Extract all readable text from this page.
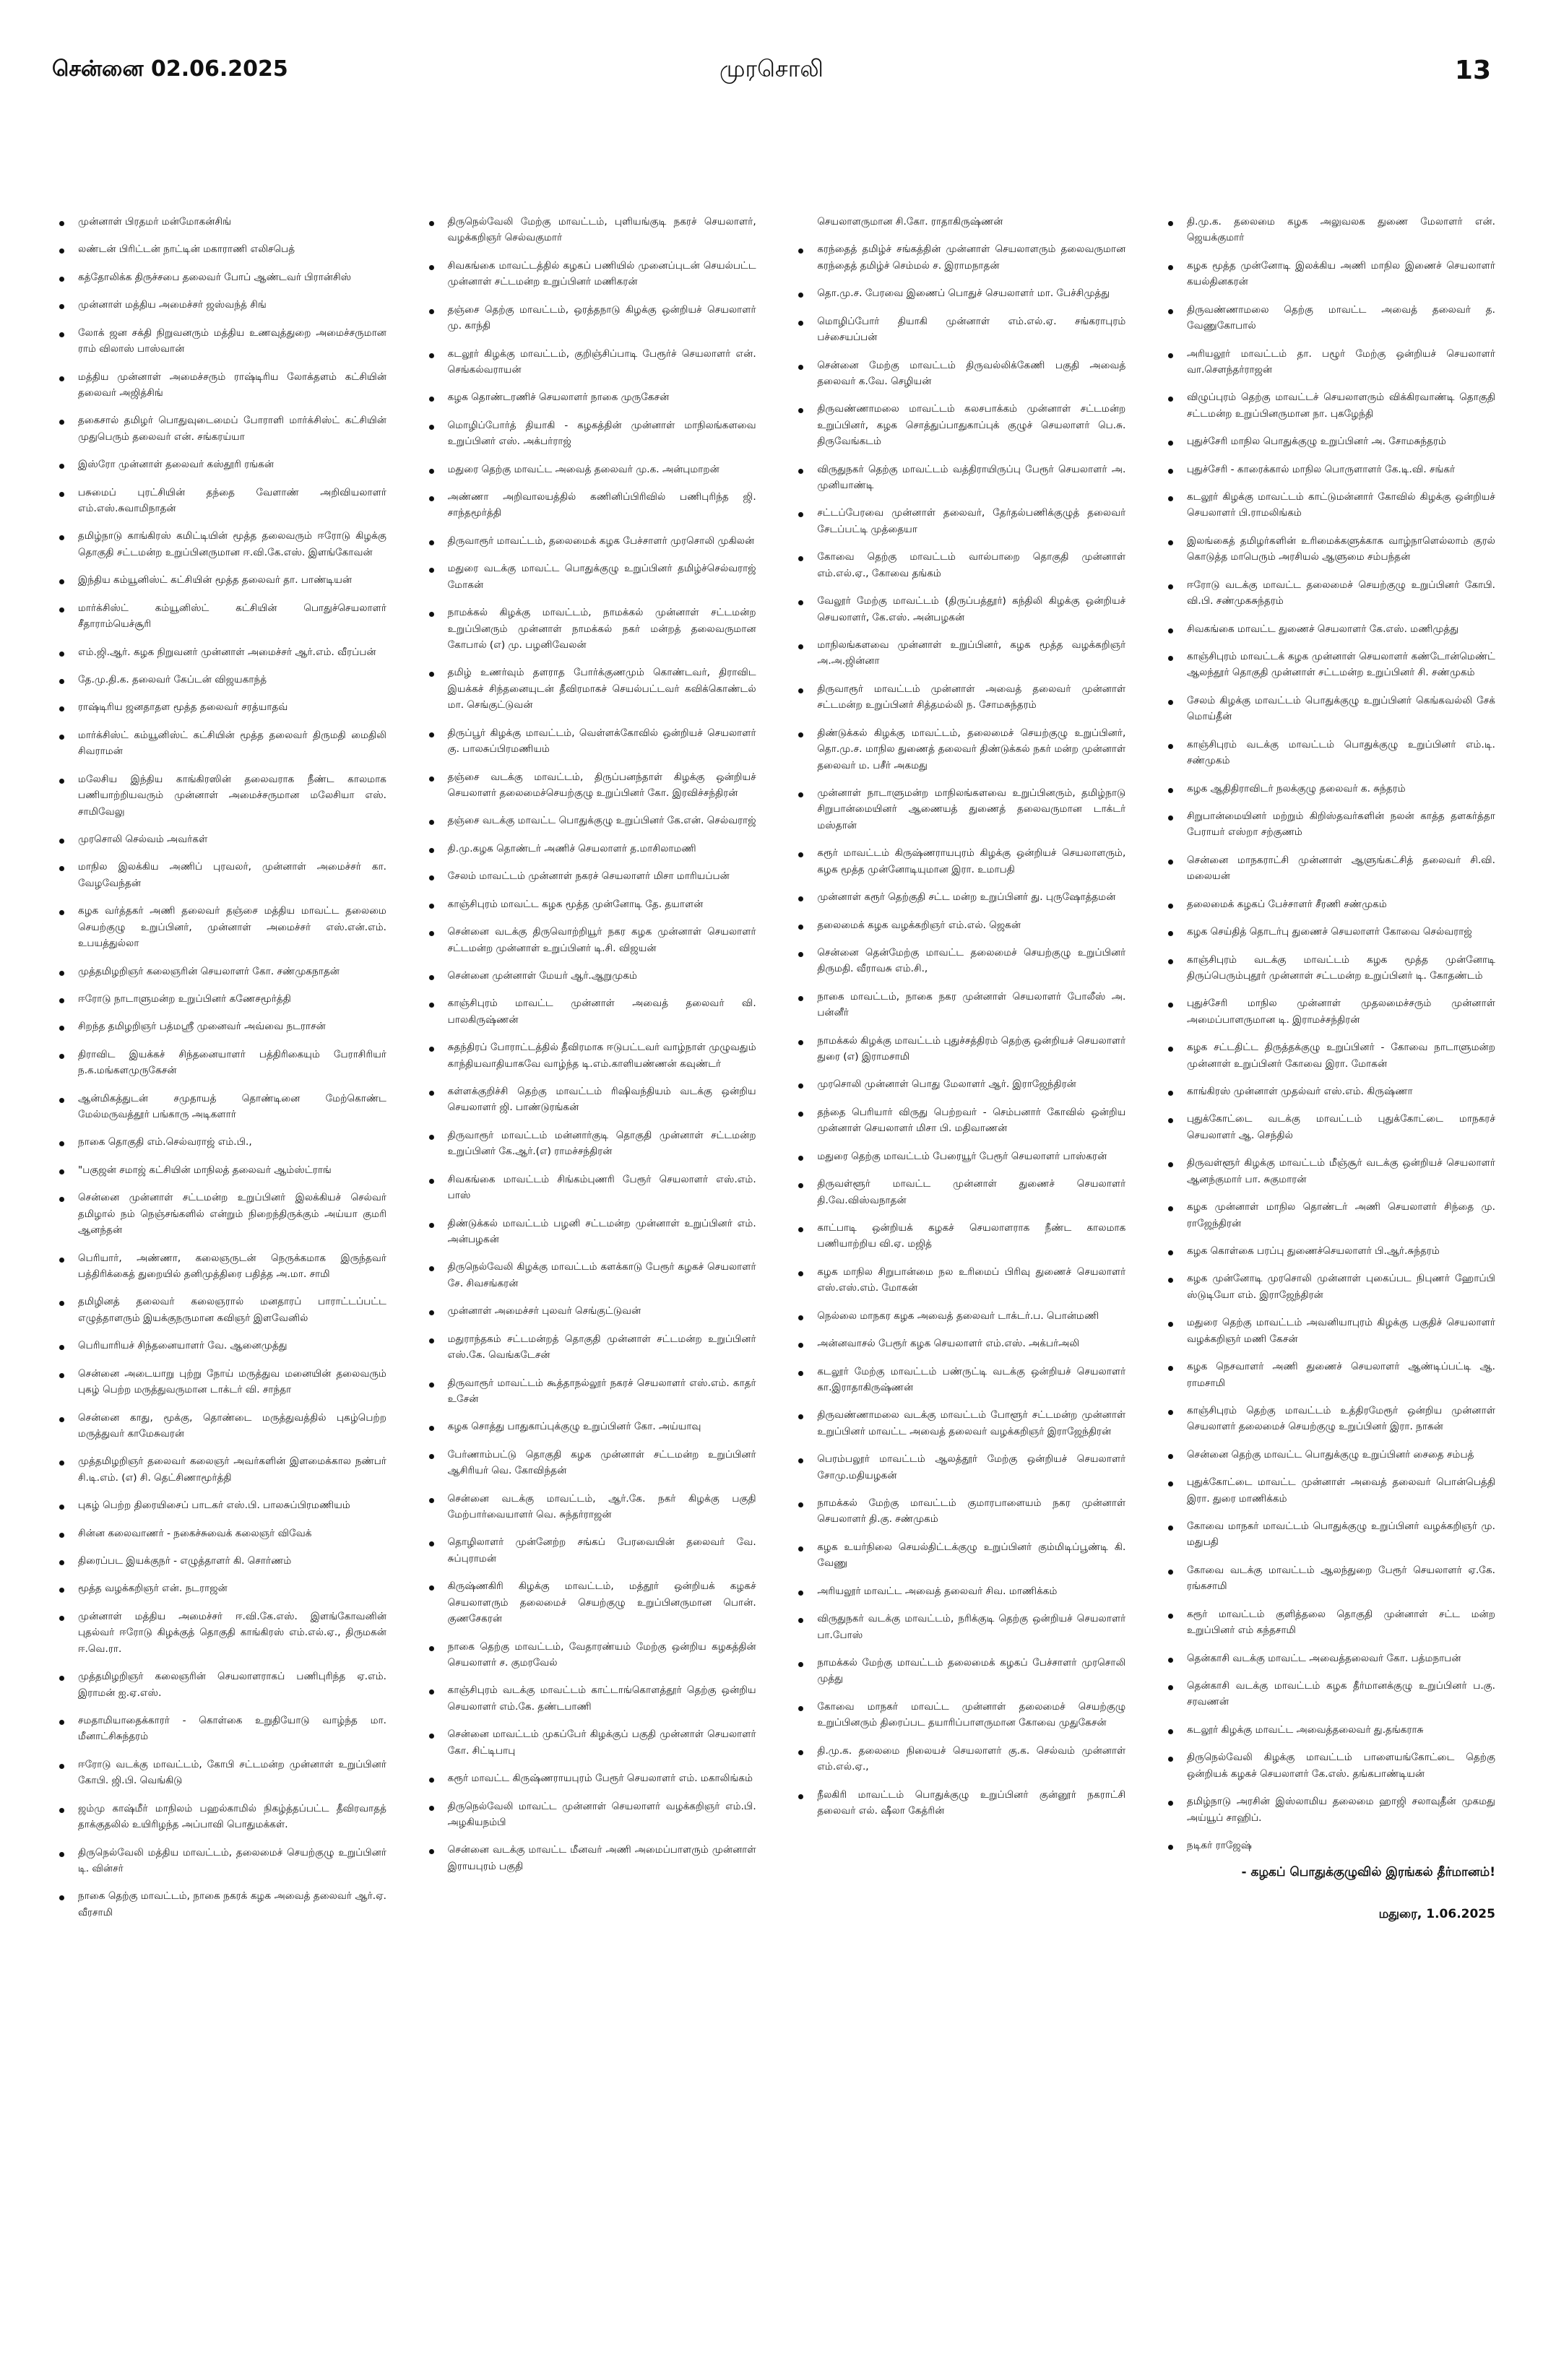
சென்னை 02.06.2025	முரசொலி	13
முன்னாள் பிரதமர் மன்மோகன்சிங்
லண்டன் பிரிட்டன் நாட்டின் மகாராணி எலிசபெத்
கத்தோலிக்க திருச்சபை தலைவர் போப் ஆண்டவர் பிரான்சிஸ்
முன்னாள் மத்திய அமைச்சர் ஜஸ்வந்த் சிங்
லோக் ஜன சக்தி நிறுவனரும் மத்திய உணவுத்துறை அமைச்சருமான ராம் விலாஸ் பாஸ்வான்
மத்திய முன்னாள் அமைச்சரும் ராஷ்டிரிய லோக்தளம் கட்சியின் தலைவர் அஜித்சிங்
தகைசால் தமிழர் பொதுவுடைமைப் போராளி மார்க்சிஸ்ட் கட்சியின் முதுபெரும் தலைவர் என். சங்கரய்யா
இஸ்ரோ முன்னாள் தலைவர் கஸ்தூரி ரங்கன்
பசுமைப் புரட்சியின் தந்தை வேளாண் அறிவியலாளர் எம்.எஸ்.சுவாமிநாதன்
தமிழ்நாடு காங்கிரஸ் கமிட்டியின் மூத்த தலைவரும் ஈரோடு கிழக்கு தொகுதி சட்டமன்ற உறுப்பினருமான ஈ.வி.கே.எஸ். இளங்கோவன்
இந்திய கம்யூனிஸ்ட் கட்சியின் மூத்த தலைவர் தா. பாண்டியன்
மார்க்சிஸ்ட் கம்யூனிஸ்ட் கட்சியின் பொதுச்செயலாளர் சீதாராம்யெச்சூரி
எம்.ஜி.ஆர். கழக நிறுவனர் முன்னாள் அமைச்சர் ஆர்.எம். வீரப்பன்
தே.மு.தி.க. தலைவர் கேப்டன் விஜயகாந்த்
ராஷ்டிரிய ஜனதாதள மூத்த தலைவர் சரத்யாதவ்
மார்க்சிஸ்ட் கம்யூனிஸ்ட் கட்சியின் மூத்த தலைவர் திருமதி மைதிலி சிவராமன்
மலேசிய இந்திய காங்கிரஸின் தலைவராக நீண்ட காலமாக பணியாற்றியவரும் முன்னாள் அமைச்சருமான மலேசியா எஸ். சாமிவேலு
முரசொலி செல்வம் அவர்கள்
மாநில இலக்கிய அணிப் புரவலர், முன்னாள் அமைச்சர் கா. வேழவேந்தன்
கழக வர்த்தகர் அணி தலைவர் தஞ்சை மத்திய மாவட்ட தலைமை செயற்குழு உறுப்பினர், முன்னாள் அமைச்சர் எஸ்.என்.எம். உபயத்துல்லா
முத்தமிழறிஞர் கலைஞரின் செயலாளர் கோ. சண்முகநாதன்
ஈரோடு நாடாளுமன்ற உறுப்பினர் கணேசமூர்த்தி
சிறந்த தமிழறிஞர் பத்மஸ்ரீ முனைவர் அவ்வை நடராசன்
திராவிட இயக்கச் சிந்தனையாளர் பத்திரிகையும் பேராசிரியர் ந.க.மங்களமுருகேசன்
ஆன்மிகத்துடன் சமுதாயத் தொண்டினை மேற்கொண்ட மேல்மருவத்தூர் பங்காரு அடிகளார்
நாகை தொகுதி எம்.செல்வராஜ் எம்.பி.,
"பகுஜன் சமாஜ் கட்சியின் மாநிலத் தலைவர் ஆம்ஸ்ட்ராங்
சென்னை முன்னாள் சட்டமன்ற உறுப்பினர் இலக்கியச் செல்வர் தமிழால் நம் நெஞ்சங்களில் என்றும் நிறைந்திருக்கும் அய்யா குமரி ஆனந்தன்
பெரியார், அண்ணா, கலைஞருடன் நெருக்கமாக இருந்தவர் பத்திரிக்கைத் துறையில் தனிமுத்திரை பதித்த அ.மா. சாமி
தமிழினத் தலைவர் கலைஞரால் மனதாரப் பாராட்டப்பட்ட எழுத்தாளரும் இயக்குநருமான கவிஞர் இளவேனில்
பெரியாரியச் சிந்தனையாளர் வே. ஆனைமுத்து
சென்னை அடையாறு புற்று நோய் மருத்துவ மனையின் தலைவரும் புகழ் பெற்ற மருத்துவருமான டாக்டர் வி. சாந்தா
சென்னை காது, மூக்கு, தொண்டை மருத்துவத்தில் புகழ்பெற்ற மருத்துவர் காமேசுவரன்
முத்தமிழறிஞர் தலைவர் கலைஞர் அவர்களின் இளமைக்கால நண்பர் சி.டி.எம். (எ) சி. தெட்சிணாமூர்த்தி
புகழ் பெற்ற திரையிசைப் பாடகர் எஸ்.பி. பாலசுப்பிரமணியம்
சின்ன கலைவாணர் - நகைச்சுவைக் கலைஞர் விவேக்
திரைப்பட இயக்குநர் - எழுத்தாளர் கி. சொர்ணம்
மூத்த வழக்கறிஞர் என். நடராஜன்
முன்னாள் மத்திய அமைச்சர் ஈ.வி.கே.எஸ். இளங்கோவனின் புதல்வர் ஈரோடு கிழக்குத் தொகுதி காங்கிரஸ் எம்.எல்.ஏ., திருமகன் ஈ.வெ.ரா.
முத்தமிழறிஞர் கலைஞரின் செயலாளராகப் பணிபுரிந்த ஏ.எம். இராமன் ஐ.ஏ.எஸ்.
சமதாமியாதைக்காரர் - கொள்கை உறுதியோடு வாழ்ந்த மா. மீனாட்சிசுந்தரம்
ஈரோடு வடக்கு மாவட்டம், கோபி சட்டமன்ற முன்னாள் உறுப்பினர் கோபி. ஜி.பி. வெங்கிடு
ஜம்மு காஷ்மீர் மாநிலம் பஹல்காமில் நிகழ்த்தப்பட்ட தீவிரவாதத் தாக்குதலில் உயிரிழந்த அப்பாவி பொதுமக்கள்.
திருநெல்வேலி மத்திய மாவட்டம், தலைமைச் செயற்குழு உறுப்பினர் டி. வின்சர்
நாகை தெற்கு மாவட்டம், நாகை நகரக் கழக அவைத் தலைவர் ஆர்.ஏ. வீரசாமி
திருநெல்வேலி மேற்கு மாவட்டம், புளியங்குடி நகரச் செயலாளர், வழக்கறிஞர் செல்வகுமார்
சிவகங்கை மாவட்டத்தில் கழகப் பணியில் முனைப்புடன் செயல்பட்ட முன்னாள் சட்டமன்ற உறுப்பினர் மணிகரன்
தஞ்சை தெற்கு மாவட்டம், ஒரத்தநாடு கிழக்கு ஒன்றியச் செயலாளர் மு. காந்தி
கடலூர் கிழக்கு மாவட்டம், குறிஞ்சிப்பாடி பேரூர்ச் செயலாளர் என். செங்கல்வராயன்
கழக தொண்டரணிச் செயலாளர் நாகை முருகேசன்
மொழிப்போர்த் தியாகி - கழகத்தின் முன்னாள் மாநிலங்களவை உறுப்பினர் எஸ். அக்பர்ராஜ்
மதுரை தெற்கு மாவட்ட அவைத் தலைவர் மு.க. அன்புமாறன்
அண்ணா அறிவாலயத்தில் கணினிப்பிரிவில் பணிபுரிந்த ஜி. சாந்தமூர்த்தி
திருவாரூர் மாவட்டம், தலைமைக் கழக பேச்சாளர் முரசொலி முகிலன்
மதுரை வடக்கு மாவட்ட பொதுக்குழு உறுப்பினர் தமிழ்ச்செல்வராஜ் மோகன்
நாமக்கல் கிழக்கு மாவட்டம், நாமக்கல் முன்னாள் சட்டமன்ற உறுப்பினரும் முன்னாள் நாமக்கல் நகர் மன்றத் தலைவருமான கோபால் (எ) மு. பழனிவேலன்
தமிழ் உணர்வும் தளராத போர்க்குணமும் கொண்டவர், திராவிட இயக்கச் சிந்தனையுடன் தீவிரமாகச் செயல்பட்டவர் கவிக்கொண்டல் மா. செங்குட்டுவன்
திருப்பூர் கிழக்கு மாவட்டம், வெள்ளக்கோவில் ஒன்றியச் செயலாளர் கு. பாலசுப்பிரமணியம்
தஞ்சை வடக்கு மாவட்டம், திருப்பனந்தாள் கிழக்கு ஒன்றியச் செயலாளர் தலைமைச்செயற்குழு உறுப்பினர் கோ. இரவிச்சந்திரன்
தஞ்சை வடக்கு மாவட்ட பொதுக்குழு உறுப்பினர் கே.என். செல்வராஜ்
தி.மு.கழக தொண்டர் அணிச் செயலாளர் த.மாசிலாமணி
சேலம் மாவட்டம் முன்னாள் நகரச் செயலாளர் மிசா மாரியப்பன்
காஞ்சிபுரம் மாவட்ட கழக மூத்த முன்னோடி தே. தயாளன்
சென்னை வடக்கு திருவொற்றியூர் நகர கழக முன்னாள் செயலாளர் சட்டமன்ற முன்னாள் உறுப்பினர் டி.சி. விஜயன்
சென்னை முன்னாள் மேயர் ஆர்.ஆறுமுகம்
காஞ்சிபுரம் மாவட்ட முன்னாள் அவைத் தலைவர் வி. பாலகிருஷ்ணன்
சுதந்திரப் போராட்டத்தில் தீவிரமாக ஈடுபட்டவர் வாழ்நாள் முழுவதும் காந்தியவாதியாகவே வாழ்ந்த டி.எம்.காளியண்ணன் கவுண்டர்
கள்ளக்குறிச்சி தெற்கு மாவட்டம் ரிஷிவந்தியம் வடக்கு ஒன்றிய செயலாளர் ஜி. பாண்டுரங்கன்
திருவாரூர் மாவட்டம் மன்னார்குடி தொகுதி முன்னாள் சட்டமன்ற உறுப்பினர் கே.ஆர்.(எ) ராமச்சந்திரன்
சிவகங்கை மாவட்டம் சிங்கம்புணரி பேரூர் செயலாளர் எஸ்.எம். பாஸ்
திண்டுக்கல் மாவட்டம் பழனி சட்டமன்ற முன்னாள் உறுப்பினர் எம். அன்பழகன்
திருநெல்வேலி கிழக்கு மாவட்டம் களக்காடு பேரூர் கழகச் செயலாளர் சே. சிவசங்கரன்
முன்னாள் அமைச்சர் புலவர் செங்குட்டுவன்
மதுராந்தகம் சட்டமன்றத் தொகுதி முன்னாள் சட்டமன்ற உறுப்பினர் எஸ்.கே. வெங்கடேசன்
திருவாரூர் மாவட்டம் கூத்தாநல்லூர் நகரச் செயலாளர் எஸ்.எம். காதர் உசேன்
கழக சொத்து பாதுகாப்புக்குழு உறுப்பினர் கோ. அய்யாவு
பேர்ணாம்பட்டு தொகுதி கழக முன்னாள் சட்டமன்ற உறுப்பினர் ஆசிரியர் வெ. கோவிந்தன்
சென்னை வடக்கு மாவட்டம், ஆர்.கே. நகர் கிழக்கு பகுதி மேற்பார்வையாளர் வெ. சுந்தர்ராஜன்
தொழிலாளர் முன்னேற்ற சங்கப் பேரவையின் தலைவர் வே. சுப்புராமன்
கிருஷ்ணகிரி கிழக்கு மாவட்டம், மத்தூர் ஒன்றியக் கழகச் செயலாளரும் தலைமைச் செயற்குழு உறுப்பினருமான பொன். குணசேகரன்
நாகை தெற்கு மாவட்டம், வேதாரண்யம் மேற்கு ஒன்றிய கழகத்தின் செயலாளர் ச. குமரவேல்
காஞ்சிபுரம் வடக்கு மாவட்டம் காட்டாங்கொளத்தூர் தெற்கு ஒன்றிய செயலாளர் எம்.கே. தண்டபாணி
சென்னை மாவட்டம் முகப்பேர் கிழக்குப் பகுதி முன்னாள் செயலாளர் கோ. சிட்டிபாபு
கரூர் மாவட்ட கிருஷ்ணராயபுரம் பேரூர் செயலாளர் எம். மகாலிங்கம்
திருநெல்வேலி மாவட்ட முன்னாள் செயலாளர் வழக்கறிஞர் எம்.பி. அழகியநம்பி
சென்னை வடக்கு மாவட்ட மீனவர் அணி அமைப்பாளரும் முன்னாள் இராயபுரம் பகுதி
செயலாளருமான சி.கோ. ராதாகிருஷ்ணன்
கரந்தைத் தமிழ்ச் சங்கத்தின் முன்னாள் செயலாளரும் தலைவருமான கரந்தைத் தமிழ்ச் செம்மல் ச. இராமநாதன்
தொ.மு.ச. பேரவை இணைப் பொதுச் செயலாளர் மா. பேச்சிமுத்து
மொழிப்போர் தியாகி முன்னாள் எம்.எல்.ஏ. சங்கராபுரம் பச்சையப்பன்
சென்னை மேற்கு மாவட்டம் திருவல்லிக்கேணி பகுதி அவைத் தலைவர் க.வே. செழியன்
திருவண்ணாமலை மாவட்டம் கலசபாக்கம் முன்னாள் சட்டமன்ற உறுப்பினர், கழக சொத்துப்பாதுகாப்புக் குழுச் செயலாளர் பெ.சு. திருவேங்கடம்
விருதுநகர் தெற்கு மாவட்டம் வத்திராயிருப்பு பேரூர் செயலாளர் அ. முனியாண்டி
சட்டப்பேரவை முன்னாள் தலைவர், தேர்தல்பணிக்குழுத் தலைவர் சேடப்பட்டி முத்தையா
கோவை தெற்கு மாவட்டம் வால்பாறை தொகுதி முன்னாள் எம்.எல்.ஏ., கோவை தங்கம்
வேலூர் மேற்கு மாவட்டம் (திருப்பத்தூர்) கந்திலி கிழக்கு ஒன்றியச் செயலாளர், கே.எஸ். அன்பழகன்
மாநிலங்களவை முன்னாள் உறுப்பினர், கழக மூத்த வழக்கறிஞர் அ.அ.ஜின்னா
திருவாரூர் மாவட்டம் முன்னாள் அவைத் தலைவர் முன்னாள் சட்டமன்ற உறுப்பினர் சித்தமல்லி ந. சோமசுந்தரம்
திண்டுக்கல் கிழக்கு மாவட்டம், தலைமைச் செயற்குழு உறுப்பினர், தொ.மு.ச. மாநில துணைத் தலைவர் திண்டுக்கல் நகர் மன்ற முன்னாள் தலைவர் ம. பசீர் அகமது
முன்னாள் நாடாளுமன்ற மாநிலங்களவை உறுப்பினரும், தமிழ்நாடு சிறுபான்மையினர் ஆணையத் துணைத் தலைவருமான டாக்டர் மஸ்தான்
கரூர் மாவட்டம் கிருஷ்ணராயபுரம் கிழக்கு ஒன்றியச் செயலாளரும், கழக மூத்த முன்னோடியுமான இரா. உமாபதி
முன்னாள் கரூர் தெற்குதி சட்ட மன்ற உறுப்பினர் து. புருஷோத்தமன்
தலைமைக் கழக வழக்கறிஞர் எம்.எல். ஜெகன்
சென்னை தென்மேற்கு மாவட்ட தலைமைச் செயற்குழு உறுப்பினர் திருமதி. வீராவசு எம்.சி.,
நாகை மாவட்டம், நாகை நகர முன்னாள் செயலாளர் போலீஸ் அ. பன்னீர்
நாமக்கல் கிழக்கு மாவட்டம் புதுச்சத்திரம் தெற்கு ஒன்றியச் செயலாளர் துரை (எ) இராமசாமி
முரசொலி முன்னாள் பொது மேலாளர் ஆர். இராஜேந்திரன்
தந்தை பெரியார் விருது பெற்றவர் - செம்பனார் கோவில் ஒன்றிய முன்னாள் செயலாளர் மிசா பி. மதிவாணன்
மதுரை தெற்கு மாவட்டம் பேரையூர் பேரூர் செயலாளர் பாஸ்கரன்
திருவள்ளூர் மாவட்ட முன்னாள் துணைச் செயலாளர் தி.வே.விஸ்வநாதன்
காட்பாடி ஒன்றியக் கழகச் செயலாளராக நீண்ட காலமாக பணியாற்றிய வி.ஏ. மஜித்
கழக மாநில சிறுபான்மை நல உரிமைப் பிரிவு துணைச் செயலாளர் எஸ்.எஸ்.எம். மோகன்
நெல்லை மாநகர கழக அவைத் தலைவர் டாக்டர்.ப. பொன்மணி
அன்னவாசல் பேரூர் கழக செயலாளர் எம்.எஸ். அக்பர்அலி
கடலூர் மேற்கு மாவட்டம் பண்ருட்டி வடக்கு ஒன்றியச் செயலாளர் கா.இராதாகிருஷ்ணன்
திருவண்ணாமலை வடக்கு மாவட்டம் போளூர் சட்டமன்ற முன்னாள் உறுப்பினர் மாவட்ட அவைத் தலைவர் வழக்கறிஞர் இராஜேந்திரன்
பெரம்பலூர் மாவட்டம் ஆலத்தூர் மேற்கு ஒன்றியச் செயலாளர் சோமு.மதியழகன்
நாமக்கல் மேற்கு மாவட்டம் குமாரபாளையம் நகர முன்னாள் செயலாளர் தி.கு. சண்முகம்
கழக உயர்நிலை செயல்திட்டக்குழு உறுப்பினர் கும்மிடிப்பூண்டி கி. வேணு
அரியலூர் மாவட்ட அவைத் தலைவர் சிவ. மாணிக்கம்
விருதுநகர் வடக்கு மாவட்டம், நரிக்குடி தெற்கு ஒன்றியச் செயலாளர் பா.போஸ்
நாமக்கல் மேற்கு மாவட்டம் தலைமைக் கழகப் பேச்சாளர் முரசொலி முத்து
கோவை மாநகர் மாவட்ட முன்னாள் தலைமைச் செயற்குழு உறுப்பினரும் திரைப்பட தயாரிப்பாளருமான கோவை முதுகேசன்
தி.மு.க. தலைமை நிலையச் செயலாளர் கு.க. செல்வம் முன்னாள் எம்.எல்.ஏ.,
நீலகிரி மாவட்டம் பொதுக்குழு உறுப்பினர் குன்னூர் நகராட்சி தலைவர் எல். ஷீலா கேத்ரின்
தி.மு.க. தலைமை கழக அலுவலக துணை மேலாளர் என். ஜெயக்குமார்
கழக மூத்த முன்னோடி இலக்கிய அணி மாநில இணைச் செயலாளர் கயல்தினகரன்
திருவண்ணாமலை தெற்கு மாவட்ட அவைத் தலைவர் த. வேணுகோபால்
அரியலூர் மாவட்டம் தா. பழூர் மேற்கு ஒன்றியச் செயலாளர் வா.சௌந்தர்ராஜன்
விழுப்புரம் தெற்கு மாவட்டச் செயலாளரும் விக்கிரவாண்டி தொகுதி சட்டமன்ற உறுப்பினருமான நா. புகழேந்தி
புதுச்சேரி மாநில பொதுக்குழு உறுப்பினர் அ. சோமசுந்தரம்
புதுச்சேரி - காரைக்கால் மாநில பொருளாளர் கே.டி.வி. சங்கர்
கடலூர் கிழக்கு மாவட்டம் காட்டுமன்னார் கோவில் கிழக்கு ஒன்றியச் செயலாளர் பி.ராமலிங்கம்
இலங்கைத் தமிழர்களின் உரிமைக்களுக்காக வாழ்நாளெல்லாம் குரல் கொடுத்த மாபெரும் அரசியல் ஆளுமை சம்பந்தன்
ஈரோடு வடக்கு மாவட்ட தலைமைச் செயற்குழு உறுப்பினர் கோபி. வி.பி. சண்முகசுந்தரம்
சிவகங்கை மாவட்ட துணைச் செயலாளர் கே.எஸ். மணிமுத்து
காஞ்சிபுரம் மாவட்டக் கழக முன்னாள் செயலாளர் கண்டோன்மெண்ட் ஆலந்தூர் தொகுதி முன்னாள் சட்டமன்ற உறுப்பினர் சி. சண்முகம்
சேலம் கிழக்கு மாவட்டம் பொதுக்குழு உறுப்பினர் கெங்கவல்லி சேக் மொய்தீன்
காஞ்சிபுரம் வடக்கு மாவட்டம் பொதுக்குழு உறுப்பினர் எம்.டி. சண்முகம்
கழக ஆதிதிராவிடர் நலக்குழு தலைவர் க. சுந்தரம்
சிறுபான்மையினர் மற்றும் கிறிஸ்தவர்களின் நலன் காத்த தளகர்த்தா பேராயர் எஸ்றா சற்குணம்
சென்னை மாநகராட்சி முன்னாள் ஆளுங்கட்சித் தலைவர் சி.வி. மலையன்
தலைமைக் கழகப் பேச்சாளர் சீரணி சண்முகம்
கழக செய்தித் தொடர்பு துணைச் செயலாளர் கோவை செல்வராஜ்
காஞ்சிபுரம் வடக்கு மாவட்டம் கழக மூத்த முன்னோடி திருப்பெரும்புதூர் முன்னாள் சட்டமன்ற உறுப்பினர் டி. கோதண்டம்
புதுச்சேரி மாநில முன்னாள் முதலமைச்சரும் முன்னாள் அமைப்பாளருமான டி. இராமச்சந்திரன்
கழக சட்டதிட்ட திருத்தக்குழு உறுப்பினர் - கோவை நாடாளுமன்ற முன்னாள் உறுப்பினர் கோவை இரா. மோகன்
காங்கிரஸ் முன்னாள் முதல்வர் எஸ்.எம். கிருஷ்ணா
புதுக்கோட்டை வடக்கு மாவட்டம் புதுக்கோட்டை மாநகரச் செயலாளர் ஆ. செந்தில்
திருவள்ளூர் கிழக்கு மாவட்டம் மீஞ்சூர் வடக்கு ஒன்றியச் செயலாளர் ஆனந்குமார் பா. சுகுமாரன்
கழக முன்னாள் மாநில தொண்டர் அணி செயலாளர் சிந்தை மு. ராஜேந்திரன்
கழக கொள்கை பரப்பு துணைச்செயலாளர் பி.ஆர்.சுந்தரம்
கழக முன்னோடி முரசொலி முன்னாள் புகைப்பட நிபுணர் ஹோப்பி ஸ்டுடியோ எம். இராஜேந்திரன்
மதுரை தெற்கு மாவட்டம் அவனியாபுரம் கிழக்கு பகுதிச் செயலாளர் வழக்கறிஞர் மணி கேசன்
கழக நெசவாளர் அணி துணைச் செயலாளர் ஆண்டிப்பட்டி ஆ. ராமசாமி
காஞ்சிபுரம் தெற்கு மாவட்டம் உத்திரமேரூர் ஒன்றிய முன்னாள் செயலாளர் தலைமைச் செயற்குழு உறுப்பினர் இரா. நாகன்
சென்னை தெற்கு மாவட்ட பொதுக்குழு உறுப்பினர் சைதை சம்பத்
புதுக்கோட்டை மாவட்ட முன்னாள் அவைத் தலைவர் பொன்பெத்தி இரா. துரை மாணிக்கம்
கோவை மாநகர் மாவட்டம் பொதுக்குழு உறுப்பினர் வழக்கறிஞர் மு. மதுபதி
கோவை வடக்கு மாவட்டம் ஆலந்துறை பேரூர் செயலாளர் ஏ.கே. ரங்கசாமி
கரூர் மாவட்டம் குளித்தலை தொகுதி முன்னாள் சட்ட மன்ற உறுப்பினர் எம் கந்தசாமி
தென்காசி வடக்கு மாவட்ட அவைத்தலைவர் கோ. பத்மநாபன்
தென்காசி வடக்கு மாவட்டம் கழக தீர்மானக்குழு உறுப்பினர் ப.கு. சரவணன்
கடலூர் கிழக்கு மாவட்ட அவைத்தலைவர் து.தங்கராசு
திருநெல்வேலி கிழக்கு மாவட்டம் பாளையங்கோட்டை தெற்கு ஒன்றியக் கழகச் செயலாளர் கே.எஸ். தங்கபாண்டியன்
தமிழ்நாடு அரசின் இஸ்லாமிய தலைமை ஹாஜி சலாவுதீன் முகமது அய்யூப் சாஹிப்.
நடிகர் ராஜேஷ்
- கழகப் பொதுக்குழுவில் இரங்கல் தீர்மானம்!
மதுரை, 1.06.2025
